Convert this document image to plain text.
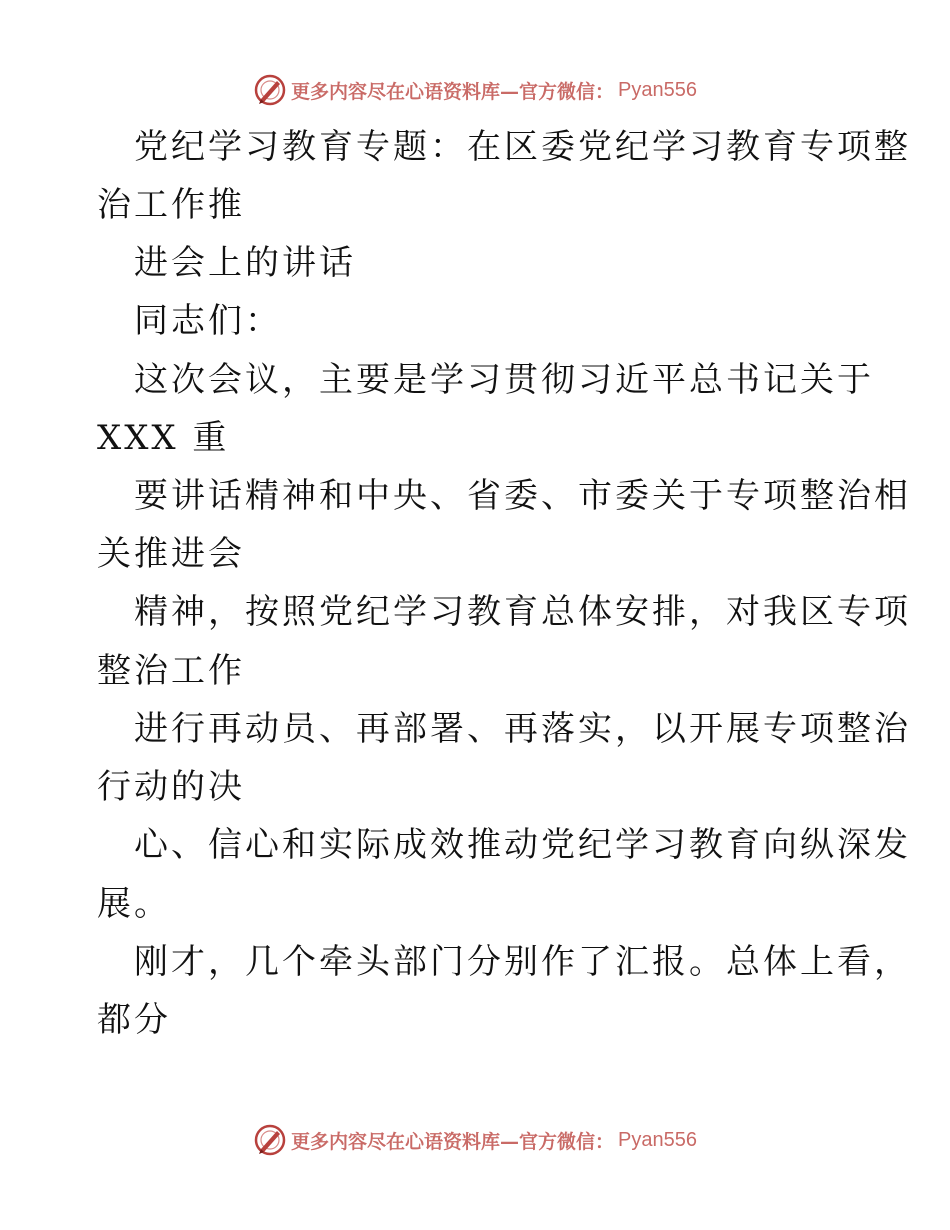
更多内容尽在心语资料库—官方微信： Pyan556
党纪学习教育专题：在区委党纪学习教育专项整
治工作推
进会上的讲话
同志们：
这次会议，主要是学习贯彻习近平总书记关于
XXX 重
要讲话精神和中央、省委、市委关于专项整治相
关推进会
精神，按照党纪学习教育总体安排，对我区专项
整治工作
进行再动员、再部署、再落实，以开展专项整治
行动的决
心、信心和实际成效推动党纪学习教育向纵深发
展。
刚才，几个牵头部门分别作了汇报。总体上看，
都分
更多内容尽在心语资料库—官方微信： Pyan556
